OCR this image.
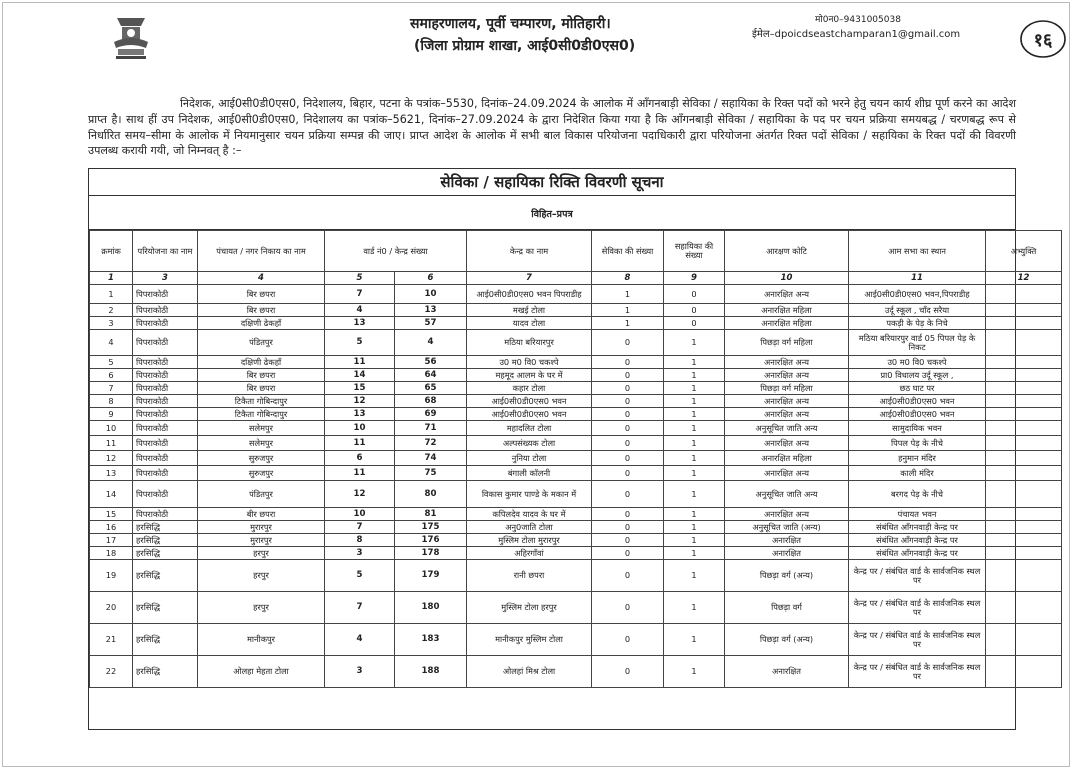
समाहरणालय, पूर्वी चम्पारण, मोतिहारी।
(जिला प्रोग्राम शाखा, आई0सी0डी0एस0)
मो0न0–9431005038
ईमेल–dpoicdseastchamparan1@gmail.com	१६
निदेशक, आई0सी0डी0एस0, निदेशालय, बिहार, पटना के पत्रांक–5530, दिनांक–24.09.2024 के आलोक में आँगनबाड़ी सेविका / सहायिका के रिक्त पदों को भरने हेतु चयन कार्य शीघ्र पूर्ण करने का आदेश प्राप्त है। साथ हीं उप निदेशक, आई0सी0डी0एस0, निदेशालय का पत्रांक–5621, दिनांक–27.09.2024 के द्वारा निदेशित किया गया है कि आँगनबाड़ी सेविका / सहायिका के पद पर चयन प्रक्रिया समयबद्ध / चरणबद्ध रूप से निर्धारित समय–सीमा के आलोक में नियमानुसार चयन प्रक्रिया सम्पन्न की जाए। प्राप्त आदेश के आलोक में सभी बाल विकास परियोजना पदाधिकारी द्वारा परियोजना अंतर्गत रिक्त पदों सेविका / सहायिका के रिक्त पदों की विवरणी उपलब्ध करायी गयी, जो निम्नवत् है :–
सेविका / सहायिका रिक्ति विवरणी सूचना
विहित–प्रपत्र
क्रमांक	परियोजना का नाम	पंचायत / नगर निकाय का नाम	वार्ड नं0 / केन्द्र संख्या		केन्द्र का नाम	सेविका की संख्या	सहायिका की संख्या	आरक्षण कोटि	आम सभा का स्थान	अभ्युक्ति
1	3	4	5	6	7	8	9	10	11	12
1	पिपराकोठी	बिर छपरा	7	10	आई0सी0डी0एस0 भवन पिपराडीह	1	0	अनारक्षित अन्य	आई0सी0डी0एस0 भवन,पिपराडीह	
2	पिपराकोठी	बिर छपरा	4	13	मखई टोला	1	0	अनारक्षित महिला	उर्दू स्कूल , चाँद सरैया	
3	पिपराकोठी	दक्षिणी ढेकहाँ	13	57	यादव टोला	1	0	अनारक्षित महिला	पकड़ी के पेड़ के निचे	
4	पिपराकोठी	पंडितपुर	5	4	मठिया बरियारपुर	0	1	पिछड़ा वर्ग महिला	मठिया बरियारपुर वार्ड 05 पिपल पेड़ के निकट	
5	पिपराकोठी	दक्षिणी ढेकहाँ	11	56	उ0 म0 वि0 चकश्पे	0	1	अनारक्षित अन्य	उ0 म0 वि0 चकश्पे	
6	पिपराकोठी	बिर छपरा	14	64	महमूद आलम के घर में	0	1	अनारक्षित अन्य	प्रा0 विधालय उर्दू स्कूल ,	
7	पिपराकोठी	बिर छपरा	15	65	कहार टोला	0	1	पिछड़ा वर्ग महिला	छठ घाट पर	
8	पिपराकोठी	टिकैता गोबिन्दापुर	12	68	आई0सी0डी0एस0 भवन	0	1	अनारक्षित अन्य	आई0सी0डी0एस0 भवन	
9	पिपराकोठी	टिकैता गोबिन्दापुर	13	69	आई0सी0डी0एस0 भवन	0	1	अनारक्षित अन्य	आई0सी0डी0एस0 भवन	
10	पिपराकोठी	सलेमपुर	10	71	महादलित टोला	0	1	अनुसूचित जाति अन्य	सामुदायिक भवन	
11	पिपराकोठी	सलेमपुर	11	72	अल्पसंख्यक टोला	0	1	अनारक्षित अन्य	पिपल पेड़ के नीचे	
12	पिपराकोठी	सुरुजपुर	6	74	नुनिया टोला	0	1	अनारक्षित महिला	हनुमान मंदिर	
13	पिपराकोठी	सुरुजपुर	11	75	बंगाली कॉलनी	0	1	अनारक्षित अन्य	काली मंदिर	
14	पिपराकोठी	पंडितपुर	12	80	विकास कुमार पाण्डे के मकान में	0	1	अनुसूचित जाति अन्य	बरगद पेड़ के नीचे	
15	पिपराकोठी	बीर छपरा	10	81	कपिलदेव यादव के घर में	0	1	अनारक्षित अन्य	पंचायत भवन	
16	हरसिद्धि	मुरारपुर	7	175	अनु0जाति टोला	0	1	अनुसूचित जाति (अन्य)	संबंधित आँगनवाड़ी केन्द्र पर	
17	हरसिद्धि	मुरारपुर	8	176	मुस्लिम टोला मुरारपुर	0	1	अनारक्षित	संबंधित आँगनवाड़ी केन्द्र पर	
18	हरसिद्धि	हरपुर	3	178	अहिरगाँवां	0	1	अनारक्षित	संबंधित आँगनवाड़ी केन्द्र पर	
19	हरसिद्धि	हरपुर	5	179	रानी छपरा	0	1	पिछड़ा वर्ग (अन्य)	केन्द्र पर / संबंधित वार्ड के सार्वजनिक स्थल पर	
20	हरसिद्धि	हरपुर	7	180	मुस्लिम टोला हरपुर	0	1	पिछड़ा वर्ग	केन्द्र पर / संबंधित वार्ड के सार्वजनिक स्थल पर	
21	हरसिद्धि	मानीकपुर	4	183	मानीकपुर मुस्लिम टोला	0	1	पिछड़ा वर्ग (अन्य)	केन्द्र पर / संबंधित वार्ड के सार्वजनिक स्थल पर	
22	हरसिद्धि	ओलहा मेहता टोला	3	188	ओलहां मिश्र टोला	0	1	अनारक्षित	केन्द्र पर / संबंधित वार्ड के सार्वजनिक स्थल पर	
